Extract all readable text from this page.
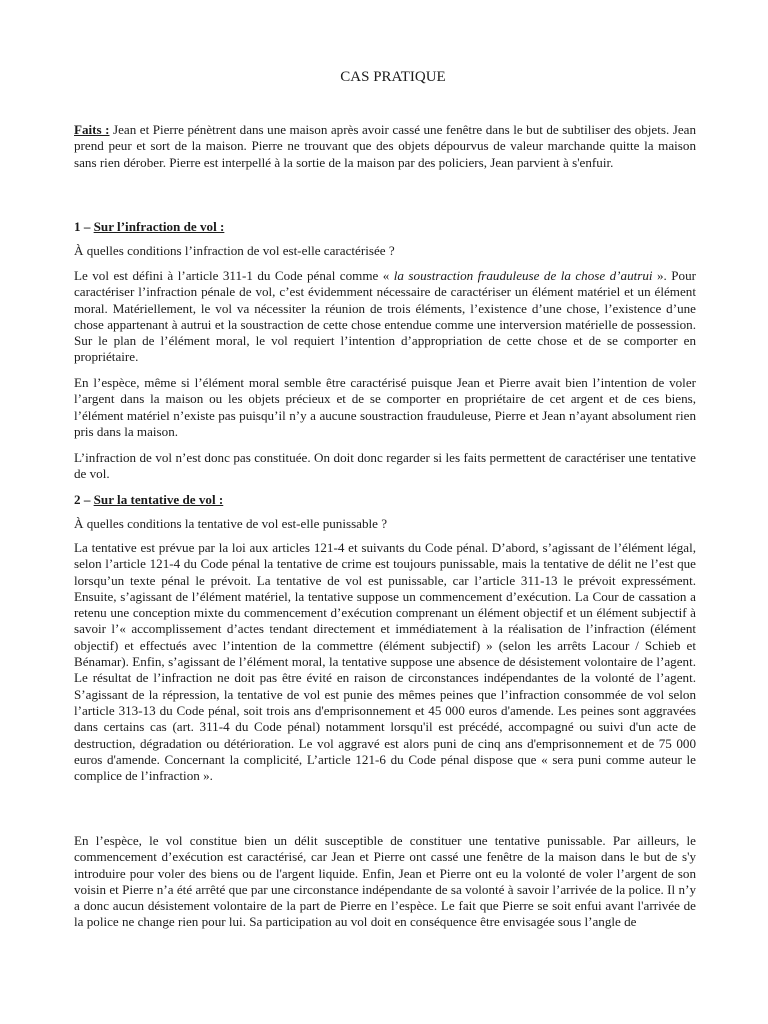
CAS PRATIQUE

Faits : Jean et Pierre pénètrent dans une maison après avoir cassé une fenêtre dans le but de subtiliser des objets. Jean prend peur et sort de la maison. Pierre ne trouvant que des objets dépourvus de valeur marchande quitte la maison sans rien dérober. Pierre est interpellé à la sortie de la maison par des policiers, Jean parvient à s'enfuir.

1 – Sur l’infraction de vol :

À quelles conditions l’infraction de vol est-elle caractérisée ?

Le vol est défini à l’article 311-1 du Code pénal comme « la soustraction frauduleuse de la chose d’autrui ». Pour caractériser l’infraction pénale de vol, c’est évidemment nécessaire de caractériser un élément matériel et un élément moral. Matériellement, le vol va nécessiter la réunion de trois éléments, l’existence d’une chose, l’existence d’une chose appartenant à autrui et la soustraction de cette chose entendue comme une interversion matérielle de possession. Sur le plan de l’élément moral, le vol requiert l’intention d’appropriation de cette chose et de se comporter en propriétaire.

En l’espèce, même si l’élément moral semble être caractérisé puisque Jean et Pierre avait bien l’intention de voler l’argent dans la maison ou les objets précieux et de se comporter en propriétaire de cet argent et de ces biens, l’élément matériel n’existe pas puisqu’il n’y a aucune soustraction frauduleuse, Pierre et Jean n’ayant absolument rien pris dans la maison.

L’infraction de vol n’est donc pas constituée. On doit donc regarder si les faits permettent de caractériser une tentative de vol.

2 – Sur la tentative de vol :

À quelles conditions la tentative de vol est-elle punissable ?

La tentative est prévue par la loi aux articles 121-4 et suivants du Code pénal. D’abord, s’agissant de l’élément légal, selon l’article 121-4 du Code pénal la tentative de crime est toujours punissable, mais la tentative de délit ne l’est que lorsqu’un texte pénal le prévoit. La tentative de vol est punissable, car l’article 311-13 le prévoit expressément. Ensuite, s’agissant de l’élément matériel, la tentative suppose un commencement d’exécution. La Cour de cassation a retenu une conception mixte du commencement d’exécution comprenant un élément objectif et un élément subjectif à savoir l’« accomplissement d’actes tendant directement et immédiatement à la réalisation de l’infraction (élément objectif) et effectués avec l’intention de la commettre (élément subjectif) » (selon les arrêts Lacour / Schieb et Bénamar). Enfin, s’agissant de l’élément moral, la tentative suppose une absence de désistement volontaire de l’agent. Le résultat de l’infraction ne doit pas être évité en raison de circonstances indépendantes de la volonté de l’agent. S’agissant de la répression, la tentative de vol est punie des mêmes peines que l’infraction consommée de vol selon l’article 313-13 du Code pénal, soit trois ans d'emprisonnement et 45 000 euros d'amende. Les peines sont aggravées dans certains cas (art. 311-4 du Code pénal) notamment lorsqu'il est précédé, accompagné ou suivi d'un acte de destruction, dégradation ou détérioration. Le vol aggravé est alors puni de cinq ans d'emprisonnement et de 75 000 euros d'amende. Concernant la complicité, L’article 121-6 du Code pénal dispose que « sera puni comme auteur le complice de l’infraction ».

En l’espèce, le vol constitue bien un délit susceptible de constituer une tentative punissable. Par ailleurs, le commencement d’exécution est caractérisé, car Jean et Pierre ont cassé une fenêtre de la maison dans le but de s'y introduire pour voler des biens ou de l'argent liquide. Enfin, Jean et Pierre ont eu la volonté de voler l’argent de son voisin et Pierre n’a été arrêté que par une circonstance indépendante de sa volonté à savoir l’arrivée de la police. Il n’y a donc aucun désistement volontaire de la part de Pierre en l’espèce. Le fait que Pierre se soit enfui avant l'arrivée de la police ne change rien pour lui. Sa participation au vol doit en conséquence être envisagée sous l’angle de
